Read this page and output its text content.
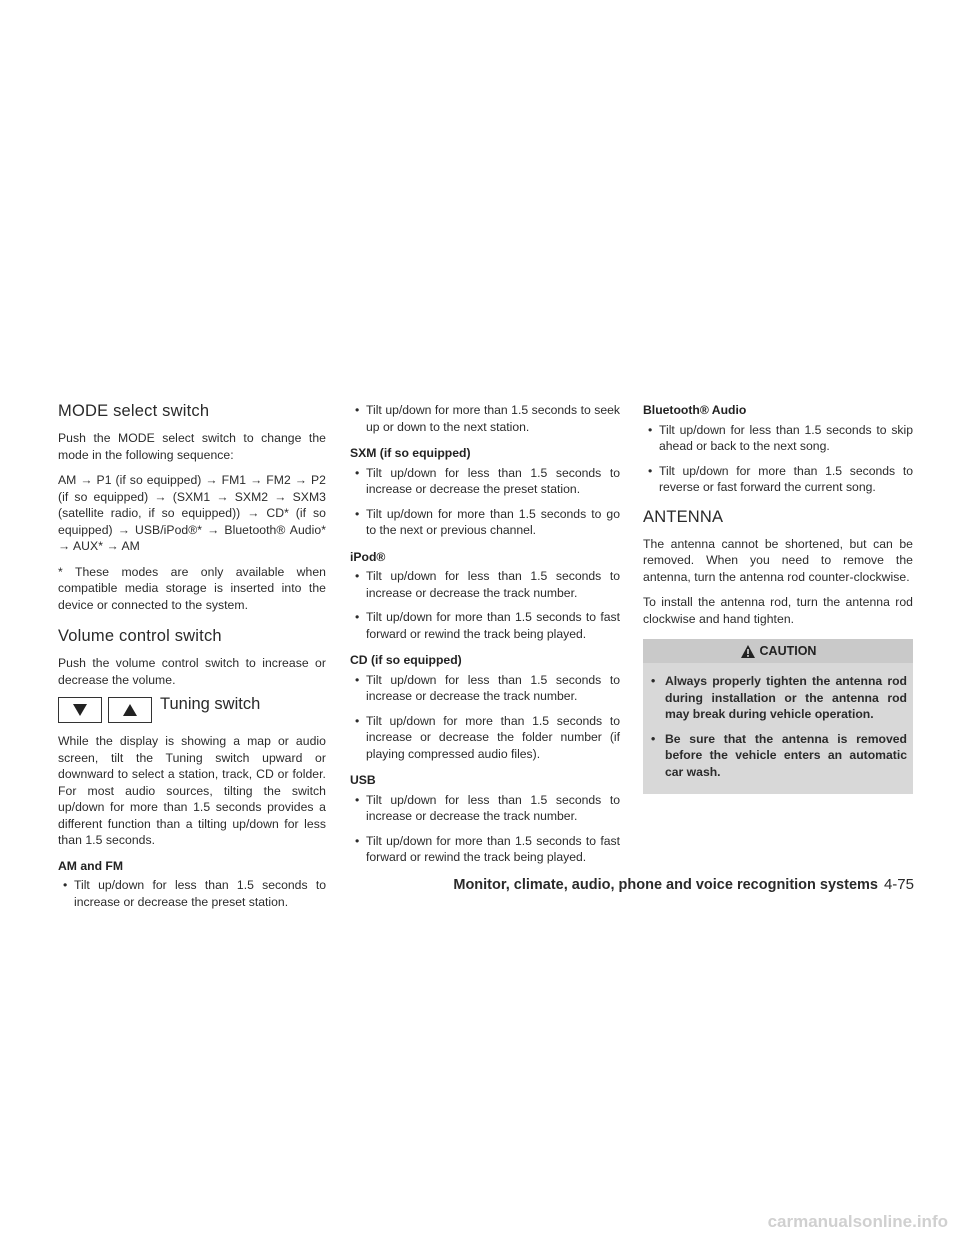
MODE select switch

Push the MODE select switch to change the mode in the following sequence:

AM → P1 (if so equipped) → FM1 → FM2 → P2 (if so equipped) → (SXM1 → SXM2 → SXM3 (satellite radio, if so equipped)) → CD* (if so equipped) → USB/iPod®* → Bluetooth® Audio* → AUX* → AM

* These modes are only available when compatible media storage is inserted into the device or connected to the system.

Volume control switch

Push the volume control switch to increase or decrease the volume.

Tuning switch

While the display is showing a map or audio screen, tilt the Tuning switch upward or downward to select a station, track, CD or folder. For most audio sources, tilting the switch up/down for more than 1.5 seconds provides a different function than a tilting up/down for less than 1.5 seconds.

AM and FM
• Tilt up/down for less than 1.5 seconds to increase or decrease the preset station.
• Tilt up/down for more than 1.5 seconds to seek up or down to the next station.
SXM (if so equipped)
• Tilt up/down for less than 1.5 seconds to increase or decrease the preset station.
• Tilt up/down for more than 1.5 seconds to go to the next or previous channel.
iPod®
• Tilt up/down for less than 1.5 seconds to increase or decrease the track number.
• Tilt up/down for more than 1.5 seconds to fast forward or rewind the track being played.
CD (if so equipped)
• Tilt up/down for less than 1.5 seconds to increase or decrease the track number.
• Tilt up/down for more than 1.5 seconds to increase or decrease the folder number (if playing compressed audio files).
USB
• Tilt up/down for less than 1.5 seconds to increase or decrease the track number.
• Tilt up/down for more than 1.5 seconds to fast forward or rewind the track being played.
Bluetooth® Audio
• Tilt up/down for less than 1.5 seconds to skip ahead or back to the next song.
• Tilt up/down for more than 1.5 seconds to reverse or fast forward the current song.
ANTENNA

The antenna cannot be shortened, but can be removed. When you need to remove the antenna, turn the antenna rod counter-clockwise.

To install the antenna rod, turn the antenna rod clockwise and hand tighten.

CAUTION
• Always properly tighten the antenna rod during installation or the antenna rod may break during vehicle operation.
• Be sure that the antenna is removed before the vehicle enters an automatic car wash.
Monitor, climate, audio, phone and voice recognition systems 4-75
carmanualsonline.info
